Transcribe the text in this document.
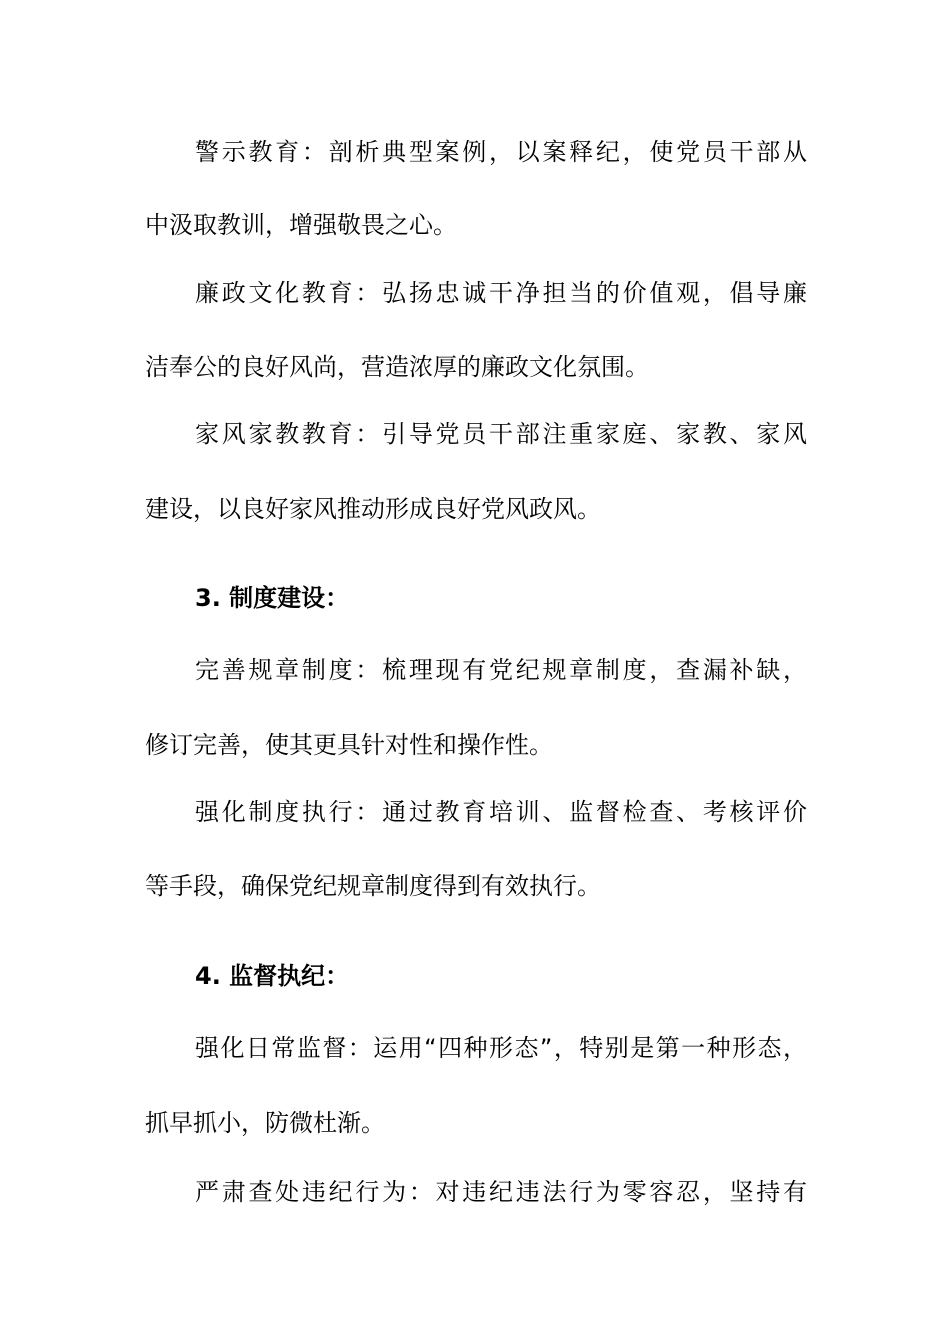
警示教育：剖析典型案例，以案释纪，使党员干部从
中汲取教训，增强敬畏之心。
廉政文化教育：弘扬忠诚干净担当的价值观，倡导廉
洁奉公的良好风尚，营造浓厚的廉政文化氛围。
家风家教教育：引导党员干部注重家庭、家教、家风
建设，以良好家风推动形成良好党风政风。
3. 制度建设：
完善规章制度：梳理现有党纪规章制度，查漏补缺，
修订完善，使其更具针对性和操作性。
强化制度执行：通过教育培训、监督检查、考核评价
等手段，确保党纪规章制度得到有效执行。
4. 监督执纪：
强化日常监督：运用“四种形态”，特别是第一种形态，
抓早抓小，防微杜渐。
严肃查处违纪行为：对违纪违法行为零容忍，坚持有
